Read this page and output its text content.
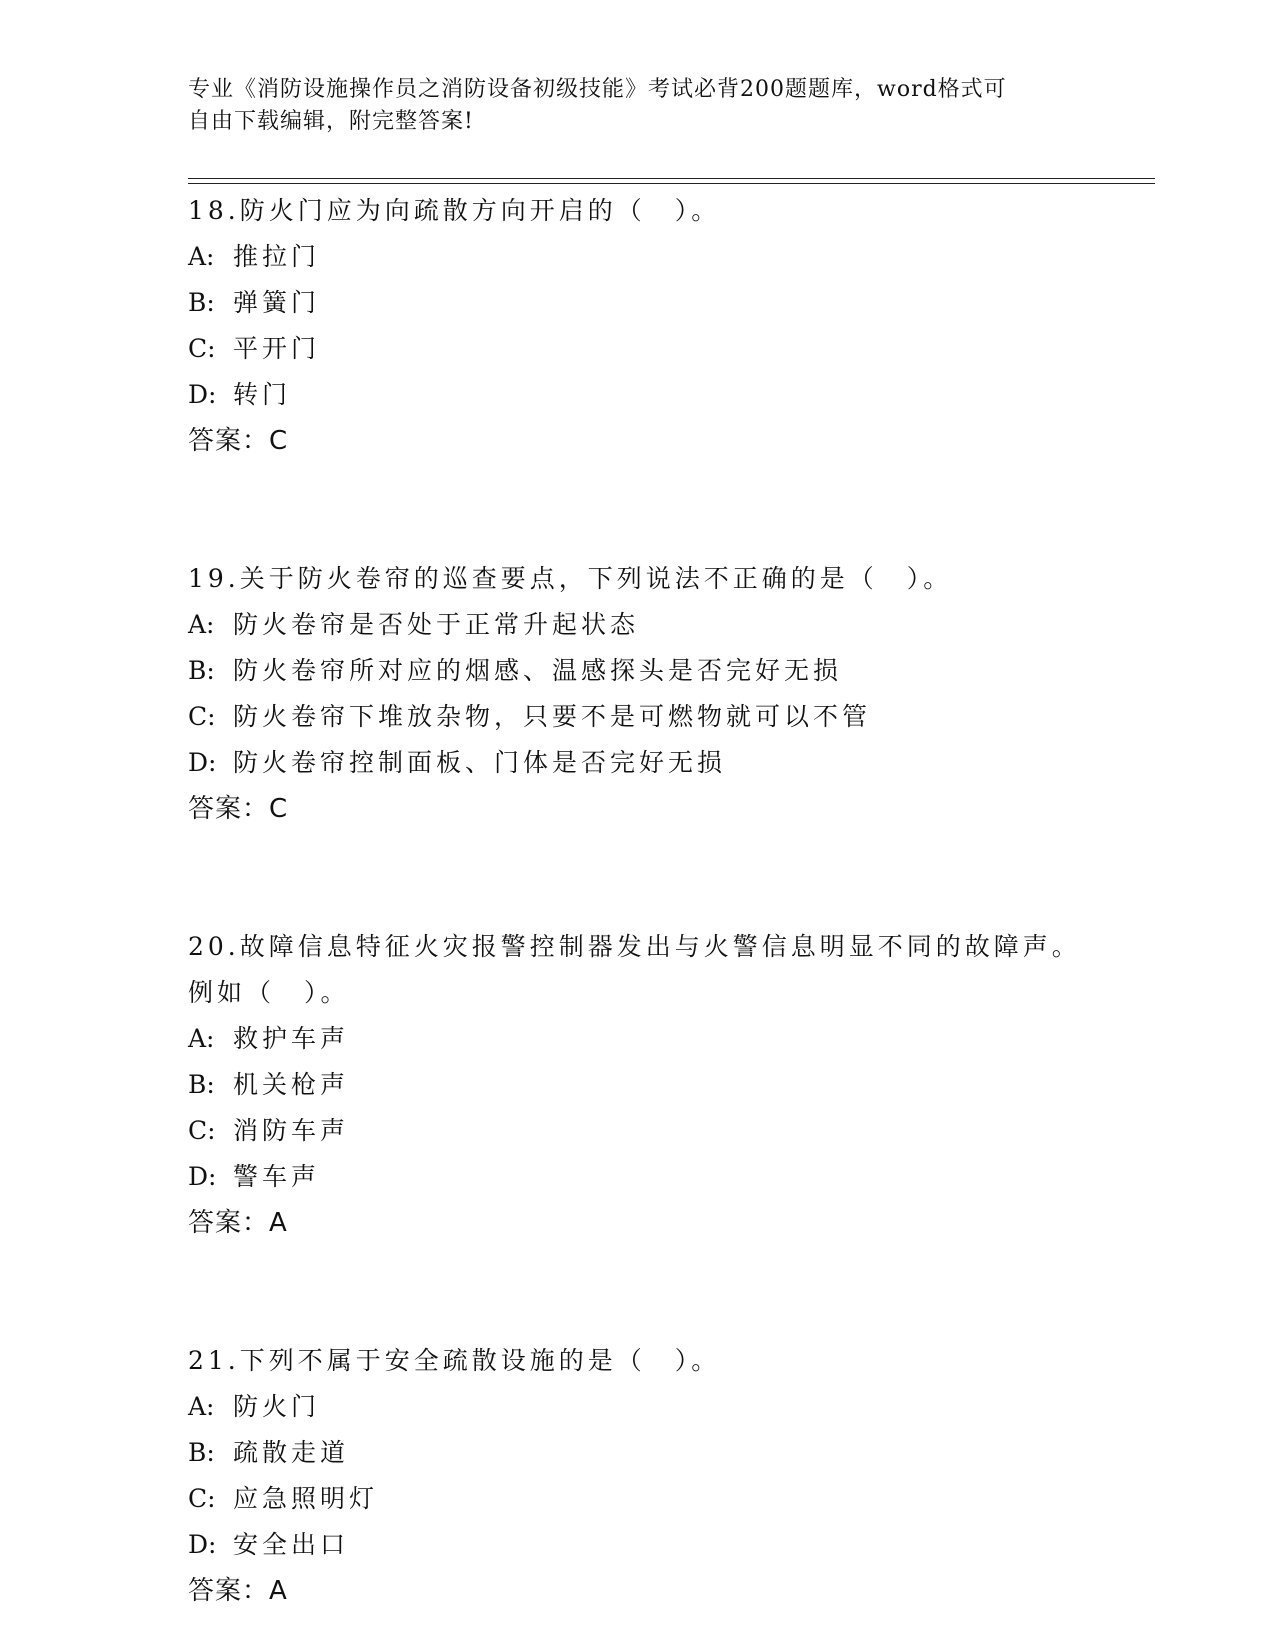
专业《消防设施操作员之消防设备初级技能》考试必背200题题库，word格式可
自由下载编辑，附完整答案!
18.防火门应为向疏散方向开启的（　）。
A: 推拉门
B: 弹簧门
C: 平开门
D: 转门
答案：C
19.关于防火卷帘的巡查要点，下列说法不正确的是（　）。
A: 防火卷帘是否处于正常升起状态
B: 防火卷帘所对应的烟感、温感探头是否完好无损
C: 防火卷帘下堆放杂物，只要不是可燃物就可以不管
D: 防火卷帘控制面板、门体是否完好无损
答案：C
20.故障信息特征火灾报警控制器发出与火警信息明显不同的故障声。
例如（　）。
A: 救护车声
B: 机关枪声
C: 消防车声
D: 警车声
答案：A
21.下列不属于安全疏散设施的是（　）。
A: 防火门
B: 疏散走道
C: 应急照明灯
D: 安全出口
答案：A
